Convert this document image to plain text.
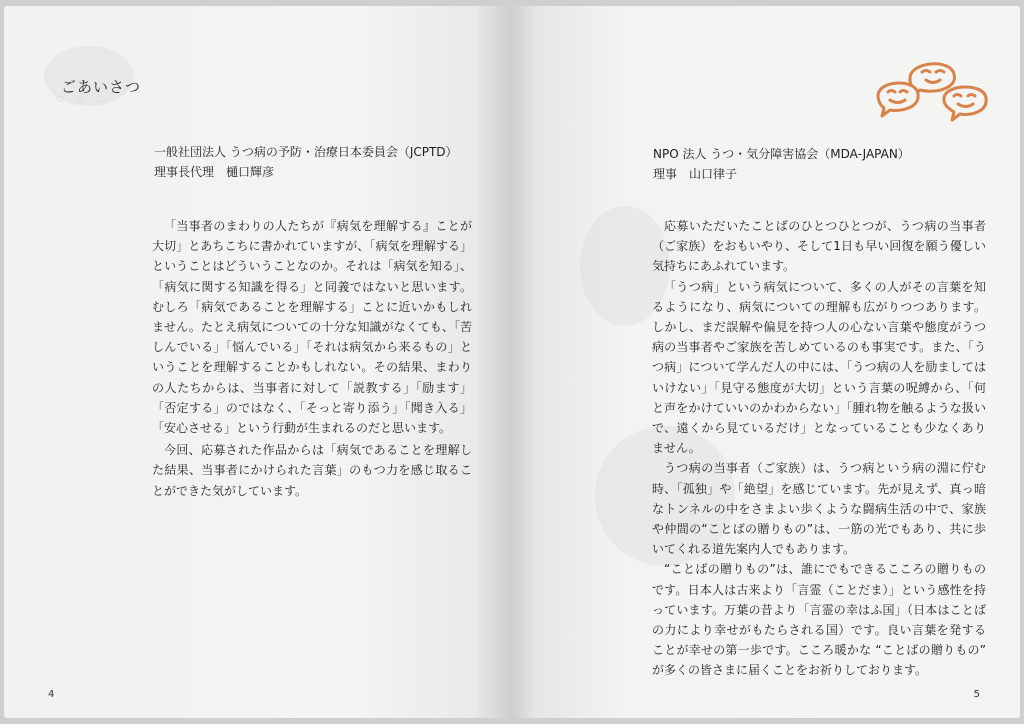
◦ ◦ ◦
ごあいさつ
一般社団法人 うつ病の予防・治療日本委員会（JCPTD）
理事長代理　樋口輝彦

「当事者のまわりの人たちが『病気を理解する』ことが大切」とあちこちに書かれていますが、「病気を理解する」ということはどういうことなのか。それは「病気を知る」、「病気に関する知識を得る」と同義ではないと思います。むしろ「病気であることを理解する」ことに近いかもしれません。たとえ病気についての十分な知識がなくても、「苦しんでいる」「悩んでいる」「それは病気から来るもの」ということを理解することかもしれない。その結果、まわりの人たちからは、当事者に対して「説教する」「励ます」「否定する」のではなく、「そっと寄り添う」「聞き入る」「安心させる」という行動が生まれるのだと思います。

今回、応募された作品からは「病気であることを理解した結果、当事者にかけられた言葉」のもつ力を感じ取ることができた気がしています。

4
NPO 法人 うつ・気分障害協会（MDA-JAPAN）
理事　山口律子

応募いただいたことばのひとつひとつが、うつ病の当事者（ご家族）をおもいやり、そして1日も早い回復を願う優しい気持ちにあふれています。

「うつ病」という病気について、多くの人がその言葉を知るようになり、病気についての理解も広がりつつあります。しかし、まだ誤解や偏見を持つ人の心ない言葉や態度がうつ病の当事者やご家族を苦しめているのも事実です。また、「うつ病」について学んだ人の中には、「うつ病の人を励ましてはいけない」「見守る態度が大切」という言葉の呪縛から、「何と声をかけていいのかわからない」「腫れ物を触るような扱いで、遠くから見ているだけ」となっていることも少なくありません。

うつ病の当事者（ご家族）は、うつ病という病の淵に佇む時、「孤独」や「絶望」を感じています。先が見えず、真っ暗なトンネルの中をさまよい歩くような闘病生活の中で、家族や仲間の“ことばの贈りもの”は、一筋の光でもあり、共に歩いてくれる道先案内人でもあります。

“ことばの贈りもの”は、誰にでもできるこころの贈りものです。日本人は古来より「言霊（ことだま）」という感性を持っています。万葉の昔より「言霊の幸はふ国」（日本はことばの力により幸せがもたらされる国）です。良い言葉を発することが幸せの第一歩です。こころ暖かな “ことばの贈りもの” が多くの皆さまに届くことをお祈りしております。

5
